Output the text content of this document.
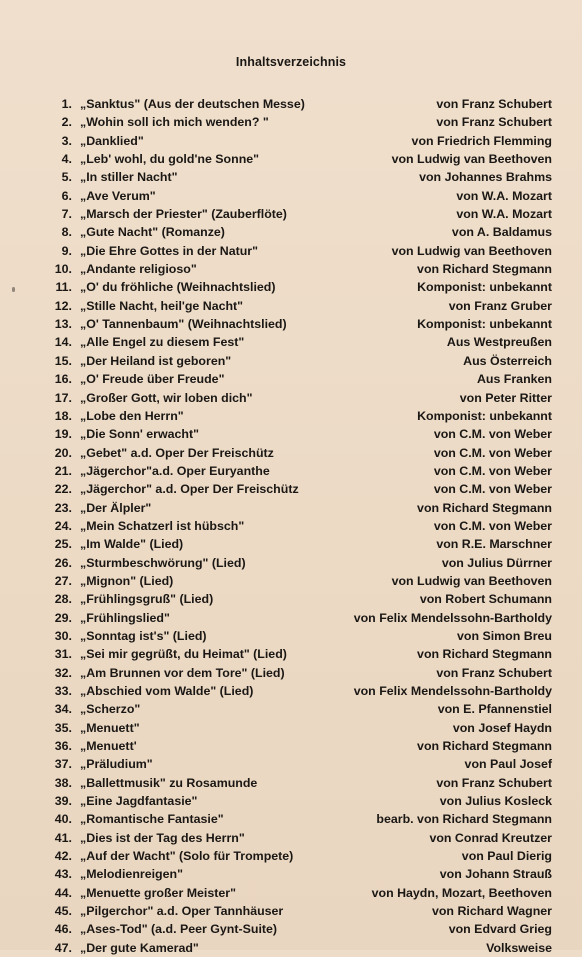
Inhaltsverzeichnis
1. „Sanktus" (Aus der deutschen Messe)	von Franz Schubert
2. „Wohin soll ich mich wenden? "	von Franz Schubert
3. „Danklied"	von Friedrich Flemming
4. „Leb' wohl, du gold'ne Sonne"	von Ludwig van Beethoven
5. „In stiller Nacht"	von Johannes Brahms
6. „Ave Verum"	von W.A. Mozart
7. „Marsch der Priester" (Zauberflöte)	von W.A. Mozart
8. „Gute Nacht" (Romanze)	von A. Baldamus
9. „Die Ehre Gottes in der Natur"	von Ludwig van Beethoven
10. „Andante religioso"	von Richard Stegmann
11. „O' du fröhliche (Weihnachtslied)	Komponist: unbekannt
12. „Stille Nacht, heil'ge Nacht"	von Franz Gruber
13. „O' Tannenbaum" (Weihnachtslied)	Komponist: unbekannt
14. „Alle Engel zu diesem Fest"	Aus Westpreußen
15. „Der Heiland ist geboren"	Aus Österreich
16. „O' Freude über Freude"	Aus Franken
17. „Großer Gott, wir loben dich"	von Peter Ritter
18. „Lobe den Herrn"	Komponist: unbekannt
19. „Die Sonn' erwacht"	von C.M. von Weber
20. „Gebet" a.d. Oper Der Freischütz	von C.M. von Weber
21. „Jägerchor"a.d. Oper Euryanthe	von C.M. von Weber
22. „Jägerchor" a.d. Oper Der Freischütz	von C.M. von Weber
23. „Der Älpler"	von Richard Stegmann
24. „Mein Schatzerl ist hübsch"	von C.M. von Weber
25. „Im Walde" (Lied)	von R.E. Marschner
26. „Sturmbeschwörung" (Lied)	von Julius Dürrner
27. „Mignon" (Lied)	von Ludwig van Beethoven
28. „Frühlingsgruß" (Lied)	von Robert Schumann
29. „Frühlingslied"	von Felix Mendelssohn-Bartholdy
30. „Sonntag ist's" (Lied)	von Simon Breu
31. „Sei mir gegrüßt, du Heimat" (Lied)	von Richard Stegmann
32. „Am Brunnen vor dem Tore" (Lied)	von Franz Schubert
33. „Abschied vom Walde" (Lied)	von Felix Mendelssohn-Bartholdy
34. „Scherzo"	von E. Pfannenstiel
35. „Menuett"	von Josef Haydn
36. „Menuett'	von Richard Stegmann
37. „Präludium"	von Paul Josef
38. „Ballettmusik" zu Rosamunde	von Franz Schubert
39. „Eine Jagdfantasie"	von Julius Kosleck
40. „Romantische Fantasie"	bearb. von Richard Stegmann
41. „Dies ist der Tag des Herrn"	von Conrad Kreutzer
42. „Auf der Wacht" (Solo für Trompete)	von Paul Dierig
43. „Melodienreigen"	von Johann Strauß
44. „Menuette großer Meister"	von Haydn, Mozart, Beethoven
45. „Pilgerchor" a.d. Oper Tannhäuser	von Richard Wagner
46. „Ases-Tod" (a.d. Peer Gynt-Suite)	von Edvard Grieg
47. „Der gute Kamerad"	Volksweise
